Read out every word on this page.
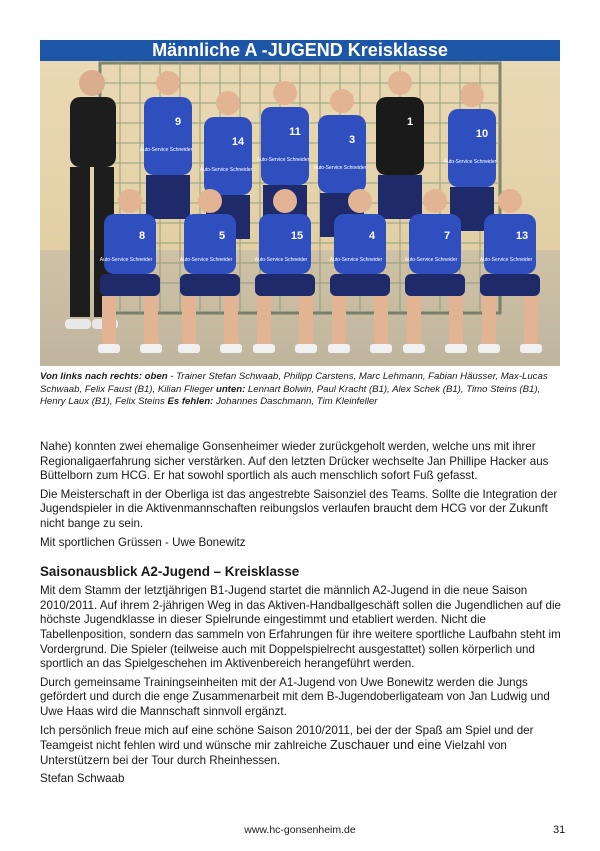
Männliche A -JUGEND Kreisklasse
9
Auto-Service Schneider
14
Auto-Service Schneider
11
Auto-Service Schneider
3
Auto-Service Schneider
1
10
Auto-Service Schneider
8
Auto-Service Schneider
5
Auto-Service Schneider
15
Auto-Service Schneider
4
Auto-Service Schneider
7
Auto-Service Schneider
13
Auto-Service Schneider
Von links nach rechts: oben - Trainer Stefan Schwaab, Philipp Carstens, Marc Lehmann, Fabian Häusser, Max-Lucas Schwaab, Felix Faust (B1), Kilian Flieger unten: Lennart Bolwin, Paul Kracht (B1), Alex Schek (B1), Timo Steins (B1), Henry Laux (B1), Felix Steins Es fehlen: Johannes Daschmann, Tim Kleinfeller

Nahe) konnten zwei ehemalige Gonsenheimer wieder zurückgeholt werden, welche uns mit ihrer Regionaligaerfahrung sicher verstärken. Auf den letzten Drücker wechselte Jan Phillipe Hacker aus Büttelborn zum HCG. Er hat sowohl sportlich als auch menschlich sofort Fuß gefasst.

Die Meisterschaft in der Oberliga ist das angestrebte Saisonziel des Teams. Sollte die Integration der Jugendspieler in die Aktivenmannschaften reibungslos verlaufen braucht dem HCG vor der Zukunft nicht bange zu sein.

Mit sportlichen Grüssen - Uwe Bonewitz

Saisonausblick A2-Jugend – Kreisklasse

Mit dem Stamm der letztjährigen B1-Jugend startet die männlich A2-Jugend in die neue Saison 2010/2011. Auf ihrem 2-jährigen Weg in das Aktiven-Handballgeschäft sollen die Jugendlichen auf die höchste Jugendklasse in dieser Spielrunde eingestimmt und etabliert werden. Nicht die Tabellenposition, sondern das sammeln von Erfahrungen für ihre weitere sportliche Laufbahn steht im Vordergrund. Die Spieler (teilweise auch mit Doppelspielrecht ausgestattet) sollen körperlich und sportlich an das Spielgeschehen im Aktivenbereich herangeführt werden.

Durch gemeinsame Trainingseinheiten mit der A1-Jugend von Uwe Bonewitz werden die Jungs gefördert und durch die enge Zusammenarbeit mit dem B-Jugendoberligateam von Jan Ludwig und Uwe Haas wird die Mannschaft sinnvoll ergänzt.

Ich persönlich freue mich auf eine schöne Saison 2010/2011, bei der der Spaß am Spiel und der Teamgeist nicht fehlen wird und wünsche mir zahlreiche Zuschauer und eine Vielzahl von Unterstützern bei der Tour durch Rheinhessen.

Stefan Schwaab

www.hc-gonsenheim.de	31
